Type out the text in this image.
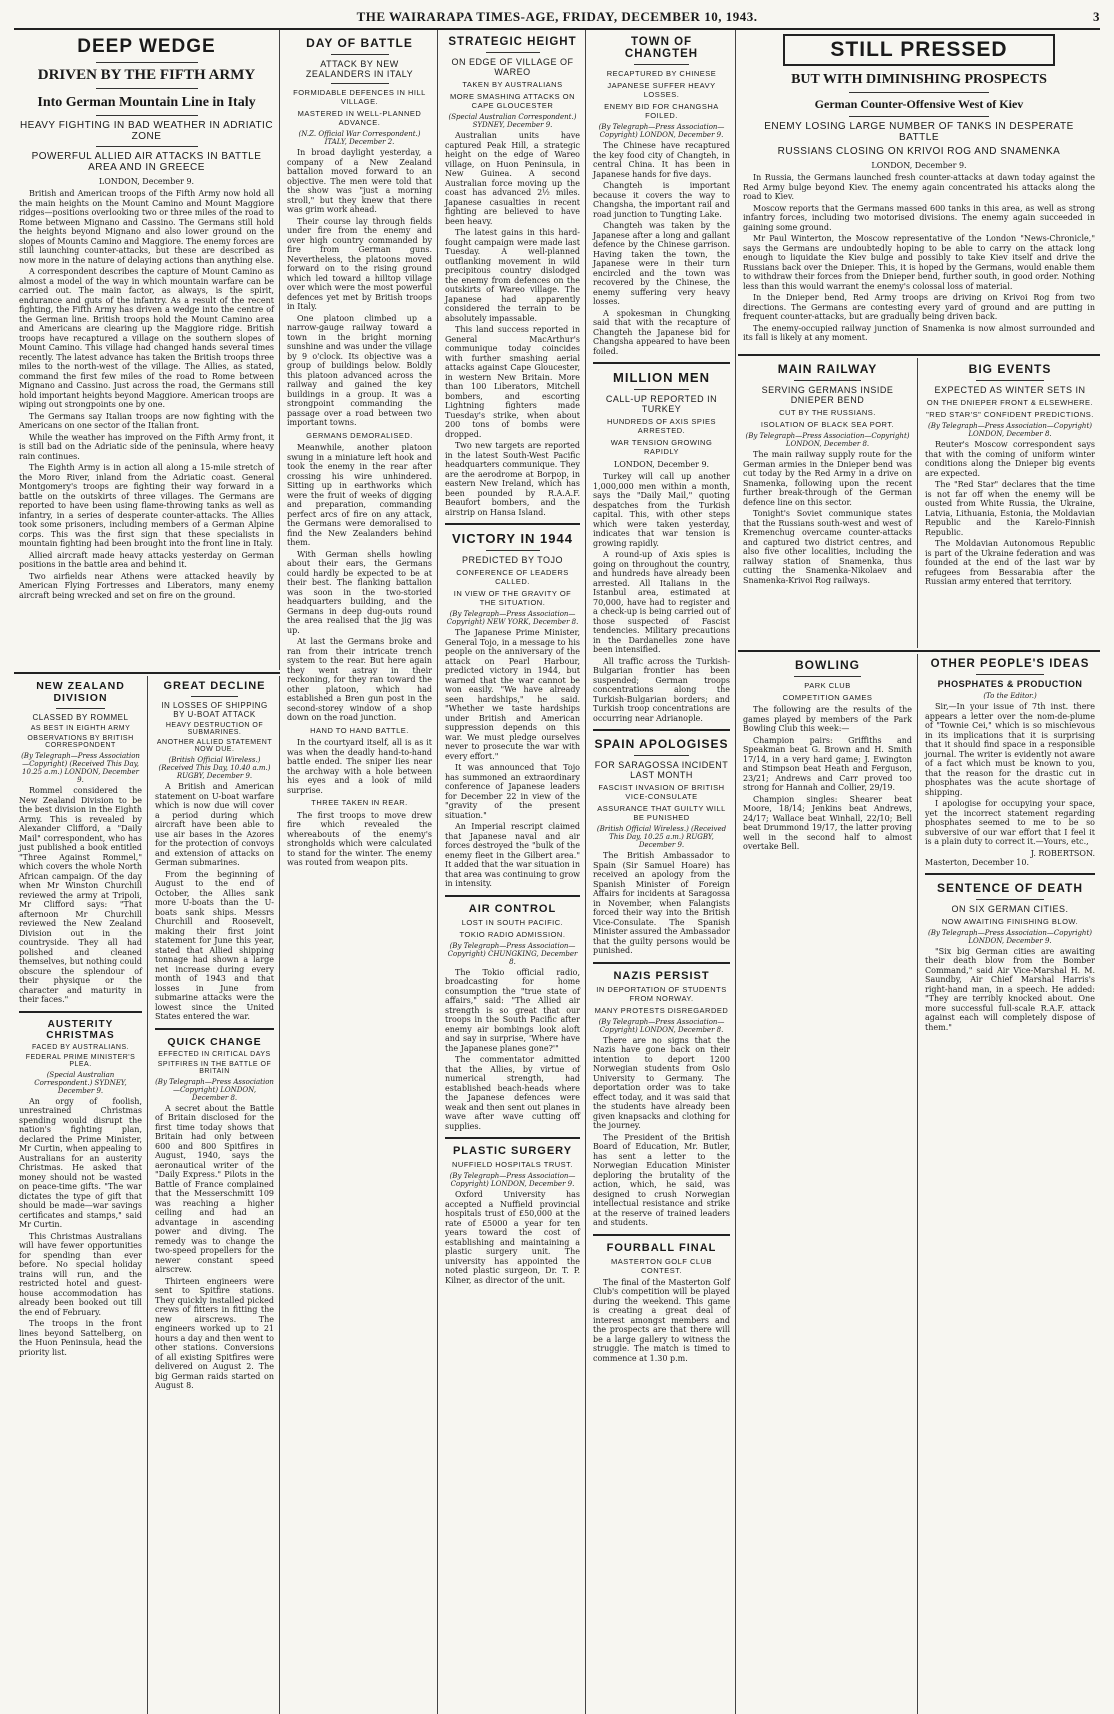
THE WAIRARAPA TIMES-AGE, FRIDAY, DECEMBER 10, 1943.	3
DEEP WEDGE
DRIVEN BY THE FIFTH ARMY
Into German Mountain Line in Italy
HEAVY FIGHTING IN BAD WEATHER IN ADRIATIC ZONE
POWERFUL ALLIED AIR ATTACKS IN BATTLE AREA AND IN GREECE
LONDON, December 9.

British and American troops of the Fifth Army now hold all the main heights on the Mount Camino and Mount Maggiore ridges—positions overlooking two or three miles of the road to Rome between Mignano and Cassino. The Germans still hold the heights beyond Mignano and also lower ground on the slopes of Mounts Camino and Maggiore. The enemy forces are still launching counter-attacks, but these are described as now more in the nature of delaying actions than anything else.

A correspondent describes the capture of Mount Camino as almost a model of the way in which mountain warfare can be carried out. The main factor, as always, is the spirit, endurance and guts of the infantry. As a result of the recent fighting, the Fifth Army has driven a wedge into the centre of the German line. British troops hold the Mount Camino area and Americans are clearing up the Maggiore ridge. British troops have recaptured a village on the southern slopes of Mount Camino. This village had changed hands several times recently. The latest advance has taken the British troops three miles to the north-west of the village. The Allies, as stated, command the first few miles of the road to Rome between Mignano and Cassino. Just across the road, the Germans still hold important heights beyond Maggiore. American troops are wiping out strongpoints one by one.

The Germans say Italian troops are now fighting with the Americans on one sector of the Italian front.

While the weather has improved on the Fifth Army front, it is still bad on the Adriatic side of the peninsula, where heavy rain continues.

The Eighth Army is in action all along a 15-mile stretch of the Moro River, inland from the Adriatic coast. General Montgomery's troops are fighting their way forward in a battle on the outskirts of three villages. The Germans are reported to have been using flame-throwing tanks as well as infantry, in a series of desperate counter-attacks. The Allies took some prisoners, including members of a German Alpine corps. This was the first sign that these specialists in mountain fighting had been brought into the front line in Italy.

Allied aircraft made heavy attacks yesterday on German positions in the battle area and behind it.

Two airfields near Athens were attacked heavily by American Flying Fortresses and Liberators, many enemy aircraft being wrecked and set on fire on the ground.

DAY OF BATTLE
ATTACK BY NEW ZEALANDERS IN ITALY
FORMIDABLE DEFENCES IN HILL VILLAGE.
MASTERED IN WELL-PLANNED ADVANCE.
(N.Z. Official War Correspondent.) ITALY, December 2.

In broad daylight yesterday, a company of a New Zealand battalion moved forward to an objective. The men were told that the show was "just a morning stroll," but they knew that there was grim work ahead.

Their course lay through fields under fire from the enemy and over high country commanded by fire from German guns. Nevertheless, the platoons moved forward on to the rising ground which led toward a hilltop village over which were the most powerful defences yet met by British troops in Italy.

One platoon climbed up a narrow-gauge railway toward a town in the bright morning sunshine and was under the village by 9 o'clock. Its objective was a group of buildings below. Boldly this platoon advanced across the railway and gained the key buildings in a group. It was a strongpoint commanding the passage over a road between two important towns.

GERMANS DEMORALISED.

Meanwhile, another platoon swung in a miniature left hook and took the enemy in the rear after crossing his wire unhindered. Sitting up in earthworks which were the fruit of weeks of digging and preparation, commanding perfect arcs of fire on any attack, the Germans were demoralised to find the New Zealanders behind them.

With German shells howling about their ears, the Germans could hardly be expected to be at their best. The flanking battalion was soon in the two-storied headquarters building, and the Germans in deep dug-outs round the area realised that the jig was up.

At last the Germans broke and ran from their intricate trench system to the rear. But here again they went astray in their reckoning, for they ran toward the other platoon, which had established a Bren gun post in the second-storey window of a shop down on the road junction.

HAND TO HAND BATTLE.

In the courtyard itself, all is as it was when the deadly hand-to-hand battle ended. The sniper lies near the archway with a hole between his eyes and a look of mild surprise.

THREE TAKEN IN REAR.

The first troops to move drew fire which revealed the whereabouts of the enemy's strongholds which were calculated to stand for the winter. The enemy was routed from weapon pits.

STRATEGIC HEIGHT
ON EDGE OF VILLAGE OF WAREO
TAKEN BY AUSTRALIANS
MORE SMASHING ATTACKS ON CAPE GLOUCESTER
(Special Australian Correspondent.) SYDNEY, December 9.

Australian units have captured Peak Hill, a strategic height on the edge of Wareo village, on Huon Peninsula, in New Guinea. A second Australian force moving up the coast has advanced 2½ miles. Japanese casualties in recent fighting are believed to have been heavy.

The latest gains in this hard-fought campaign were made last Tuesday. A well-planned outflanking movement in wild precipitous country dislodged the enemy from defences on the outskirts of Wareo village. The Japanese had apparently considered the terrain to be absolutely impassable.

This land success reported in General MacArthur's communique today coincides with further smashing aerial attacks against Cape Gloucester, in western New Britain. More than 100 Liberators, Mitchell bombers, and escorting Lightning fighters made Tuesday's strike, when about 200 tons of bombs were dropped.

Two new targets are reported in the latest South-West Pacific headquarters communique. They are the aerodrome at Borpop, in eastern New Ireland, which has been pounded by R.A.A.F. Beaufort bombers, and the airstrip on Hansa Island.

VICTORY IN 1944
PREDICTED BY TOJO
CONFERENCE OF LEADERS CALLED.
IN VIEW OF THE GRAVITY OF THE SITUATION.
(By Telegraph—Press Association—Copyright) NEW YORK, December 8.

The Japanese Prime Minister, General Tojo, in a message to his people on the anniversary of the attack on Pearl Harbour, predicted victory in 1944, but warned that the war cannot be won easily. "We have already seen hardships," he said. "Whether we taste hardships under British and American suppression depends on this war. We must pledge ourselves never to prosecute the war with every effort."

It was announced that Tojo has summoned an extraordinary conference of Japanese leaders for December 22 in view of the "gravity of the present situation."

An Imperial rescript claimed that Japanese naval and air forces destroyed the "bulk of the enemy fleet in the Gilbert area." It added that the war situation in that area was continuing to grow in intensity.

AIR CONTROL
LOST IN SOUTH PACIFIC.
TOKIO RADIO ADMISSION.
(By Telegraph—Press Association—Copyright) CHUNGKING, December 8.

The Tokio official radio, broadcasting for home consumption the "true state of affairs," said: "The Allied air strength is so great that our troops in the South Pacific after enemy air bombings look aloft and say in surprise, 'Where have the Japanese planes gone?'"

The commentator admitted that the Allies, by virtue of numerical strength, had established beach-heads where the Japanese defences were weak and then sent out planes in wave after wave cutting off supplies.

PLASTIC SURGERY
NUFFIELD HOSPITALS TRUST.
(By Telegraph—Press Association—Copyright) LONDON, December 9.

Oxford University has accepted a Nuffield provincial hospitals trust of £50,000 at the rate of £5000 a year for ten years toward the cost of establishing and maintaining a plastic surgery unit. The university has appointed the noted plastic surgeon, Dr. T. P. Kilner, as director of the unit.

TOWN OF CHANGTEH
RECAPTURED BY CHINESE
JAPANESE SUFFER HEAVY LOSSES.
ENEMY BID FOR CHANGSHA FOILED.
(By Telegraph—Press Association—Copyright) LONDON, December 9.

The Chinese have recaptured the key food city of Changteh, in central China. It has been in Japanese hands for five days.

Changteh is important because it covers the way to Changsha, the important rail and road junction to Tungting Lake.

Changteh was taken by the Japanese after a long and gallant defence by the Chinese garrison. Having taken the town, the Japanese were in their turn encircled and the town was recovered by the Chinese, the enemy suffering very heavy losses.

A spokesman in Chungking said that with the recapture of Changteh the Japanese bid for Changsha appeared to have been foiled.

MILLION MEN
CALL-UP REPORTED IN TURKEY
HUNDREDS OF AXIS SPIES ARRESTED.
WAR TENSION GROWING RAPIDLY
LONDON, December 9.

Turkey will call up another 1,000,000 men within a month, says the "Daily Mail," quoting despatches from the Turkish capital. This, with other steps which were taken yesterday, indicates that war tension is growing rapidly.

A round-up of Axis spies is going on throughout the country, and hundreds have already been arrested. All Italians in the Istanbul area, estimated at 70,000, have had to register and a check-up is being carried out of those suspected of Fascist tendencies. Military precautions in the Dardanelles zone have been intensified.

All traffic across the Turkish-Bulgarian frontier has been suspended; German troops concentrations along the Turkish-Bulgarian borders; and Turkish troop concentrations are occurring near Adrianople.

SPAIN APOLOGISES
FOR SARAGOSSA INCIDENT LAST MONTH
FASCIST INVASION OF BRITISH VICE-CONSULATE
ASSURANCE THAT GUILTY WILL BE PUNISHED
(British Official Wireless.) (Received This Day, 10.25 a.m.) RUGBY, December 9.

The British Ambassador to Spain (Sir Samuel Hoare) has received an apology from the Spanish Minister of Foreign Affairs for incidents at Saragossa in November, when Falangists forced their way into the British Vice-Consulate. The Spanish Minister assured the Ambassador that the guilty persons would be punished.

NAZIS PERSIST
IN DEPORTATION OF STUDENTS FROM NORWAY.
MANY PROTESTS DISREGARDED
(By Telegraph—Press Association—Copyright) LONDON, December 8.

There are no signs that the Nazis have gone back on their intention to deport 1200 Norwegian students from Oslo University to Germany. The deportation order was to take effect today, and it was said that the students have already been given knapsacks and clothing for the journey.

The President of the British Board of Education, Mr. Butler, has sent a letter to the Norwegian Education Minister deploring the brutality of the action, which, he said, was designed to crush Norwegian intellectual resistance and strike at the reserve of trained leaders and students.

FOURBALL FINAL
MASTERTON GOLF CLUB CONTEST.

The final of the Masterton Golf Club's competition will be played during the weekend. This game is creating a great deal of interest amongst members and the prospects are that there will be a large gallery to witness the struggle. The match is timed to commence at 1.30 p.m.

STILL PRESSED
BUT WITH DIMINISHING PROSPECTS
German Counter-Offensive West of Kiev
ENEMY LOSING LARGE NUMBER OF TANKS IN DESPERATE BATTLE
RUSSIANS CLOSING ON KRIVOI ROG AND SNAMENKA
LONDON, December 9.

In Russia, the Germans launched fresh counter-attacks at dawn today against the Red Army bulge beyond Kiev. The enemy again concentrated his attacks along the road to Kiev.

Moscow reports that the Germans massed 600 tanks in this area, as well as strong infantry forces, including two motorised divisions. The enemy again succeeded in gaining some ground.

Mr Paul Winterton, the Moscow representative of the London "News-Chronicle," says the Germans are undoubtedly hoping to be able to carry on the attack long enough to liquidate the Kiev bulge and possibly to take Kiev itself and drive the Russians back over the Dnieper. This, it is hoped by the Germans, would enable them to withdraw their forces from the Dnieper bend, further south, in good order. Nothing less than this would warrant the enemy's colossal loss of material.

In the Dnieper bend, Red Army troops are driving on Krivoi Rog from two directions. The Germans are contesting every yard of ground and are putting in frequent counter-attacks, but are gradually being driven back.

The enemy-occupied railway junction of Snamenka is now almost surrounded and its fall is likely at any moment.

MAIN RAILWAY
SERVING GERMANS INSIDE DNIEPER BEND
CUT BY THE RUSSIANS.
ISOLATION OF BLACK SEA PORT.
(By Telegraph—Press Association—Copyright) LONDON, December 8.

The main railway supply route for the German armies in the Dnieper bend was cut today by the Red Army in a drive on Snamenka, following upon the recent further break-through of the German defence line on this sector.

Tonight's Soviet communique states that the Russians south-west and west of Kremenchug overcame counter-attacks and captured two district centres, and also five other localities, including the railway station of Snamenka, thus cutting the Snamenka-Nikolaev and Snamenka-Krivoi Rog railways.

BIG EVENTS
EXPECTED AS WINTER SETS IN
ON THE DNIEPER FRONT & ELSEWHERE.
"RED STAR'S" CONFIDENT PREDICTIONS.
(By Telegraph—Press Association—Copyright) LONDON, December 8.

Reuter's Moscow correspondent says that with the coming of uniform winter conditions along the Dnieper big events are expected.

The "Red Star" declares that the time is not far off when the enemy will be ousted from White Russia, the Ukraine, Latvia, Lithuania, Estonia, the Moldavian Republic and the Karelo-Finnish Republic.

The Moldavian Autonomous Republic is part of the Ukraine federation and was founded at the end of the last war by refugees from Bessarabia after the Russian army entered that territory.

BOWLING
PARK CLUB
COMPETITION GAMES

The following are the results of the games played by members of the Park Bowling Club this week:—

Champion pairs: Griffiths and Speakman beat G. Brown and H. Smith 17/14, in a very hard game; J. Ewington and Stimpson beat Heath and Ferguson, 23/21; Andrews and Carr proved too strong for Hannah and Collier, 29/19.

Champion singles: Shearer beat Moore, 18/14; Jenkins beat Andrews, 24/17; Wallace beat Winhall, 22/10; Bell beat Drummond 19/17, the latter proving well in the second half to almost overtake Bell.

OTHER PEOPLE'S IDEAS
PHOSPHATES & PRODUCTION
(To the Editor.)

Sir,—In your issue of 7th inst. there appears a letter over the nom-de-plume of "Townie Cei," which is so mischievous in its implications that it is surprising that it should find space in a responsible journal. The writer is evidently not aware of a fact which must be known to you, that the reason for the drastic cut in phosphates was the acute shortage of shipping.

I apologise for occupying your space, yet the incorrect statement regarding phosphates seemed to me to be so subversive of our war effort that I feel it is a plain duty to correct it.—Yours, etc.,

J. ROBERTSON.
Masterton, December 10.
SENTENCE OF DEATH
ON SIX GERMAN CITIES.
NOW AWAITING FINISHING BLOW.
(By Telegraph—Press Association—Copyright) LONDON, December 9.

"Six big German cities are awaiting their death blow from the Bomber Command," said Air Vice-Marshal H. M. Saundby, Air Chief Marshal Harris's right-hand man, in a speech. He added: "They are terribly knocked about. One more successful full-scale R.A.F. attack against each will completely dispose of them."

NEW ZEALAND DIVISION
CLASSED BY ROMMEL
AS BEST IN EIGHTH ARMY
OBSERVATIONS BY BRITISH CORRESPONDENT
(By Telegraph—Press Association—Copyright) (Received This Day, 10.25 a.m.) LONDON, December 9.

Rommel considered the New Zealand Division to be the best division in the Eighth Army. This is revealed by Alexander Clifford, a "Daily Mail" correspondent, who has just published a book entitled "Three Against Rommel," which covers the whole North African campaign. Of the day when Mr Winston Churchill reviewed the army at Tripoli, Mr Clifford says: "That afternoon Mr Churchill reviewed the New Zealand Division out in the countryside. They all had polished and cleaned themselves, but nothing could obscure the splendour of their physique or the character and maturity in their faces."

AUSTERITY CHRISTMAS
FACED BY AUSTRALIANS.
FEDERAL PRIME MINISTER'S PLEA.
(Special Australian Correspondent.) SYDNEY, December 9.

An orgy of foolish, unrestrained Christmas spending would disrupt the nation's fighting plan, declared the Prime Minister, Mr Curtin, when appealing to Australians for an austerity Christmas. He asked that money should not be wasted on peace-time gifts. "The war dictates the type of gift that should be made—war savings certificates and stamps," said Mr Curtin.

This Christmas Australians will have fewer opportunities for spending than ever before. No special holiday trains will run, and the restricted hotel and guest-house accommodation has already been booked out till the end of February.

The troops in the front lines beyond Sattelberg, on the Huon Peninsula, head the priority list.

GREAT DECLINE
IN LOSSES OF SHIPPING BY U-BOAT ATTACK
HEAVY DESTRUCTION OF SUBMARINES.
ANOTHER ALLIED STATEMENT NOW DUE.
(British Official Wireless.) (Received This Day, 10.40 a.m.) RUGBY, December 9.

A British and American statement on U-boat warfare which is now due will cover a period during which aircraft have been able to use air bases in the Azores for the protection of convoys and extension of attacks on German submarines.

From the beginning of August to the end of October, the Allies sank more U-boats than the U-boats sank ships. Messrs Churchill and Roosevelt, making their first joint statement for June this year, stated that Allied shipping tonnage had shown a large net increase during every month of 1943 and that losses in June from submarine attacks were the lowest since the United States entered the war.

QUICK CHANGE
EFFECTED IN CRITICAL DAYS
SPITFIRES IN THE BATTLE OF BRITAIN
(By Telegraph—Press Association—Copyright) LONDON, December 8.

A secret about the Battle of Britain disclosed for the first time today shows that Britain had only between 600 and 800 Spitfires in August, 1940, says the aeronautical writer of the "Daily Express." Pilots in the Battle of France complained that the Messerschmitt 109 was reaching a higher ceiling and had an advantage in ascending power and diving. The remedy was to change the two-speed propellers for the newer constant speed airscrew.

Thirteen engineers were sent to Spitfire stations. They quickly installed picked crews of fitters in fitting the new airscrews. The engineers worked up to 21 hours a day and then went to other stations. Conversions of all existing Spitfires were delivered on August 2. The big German raids started on August 8.
